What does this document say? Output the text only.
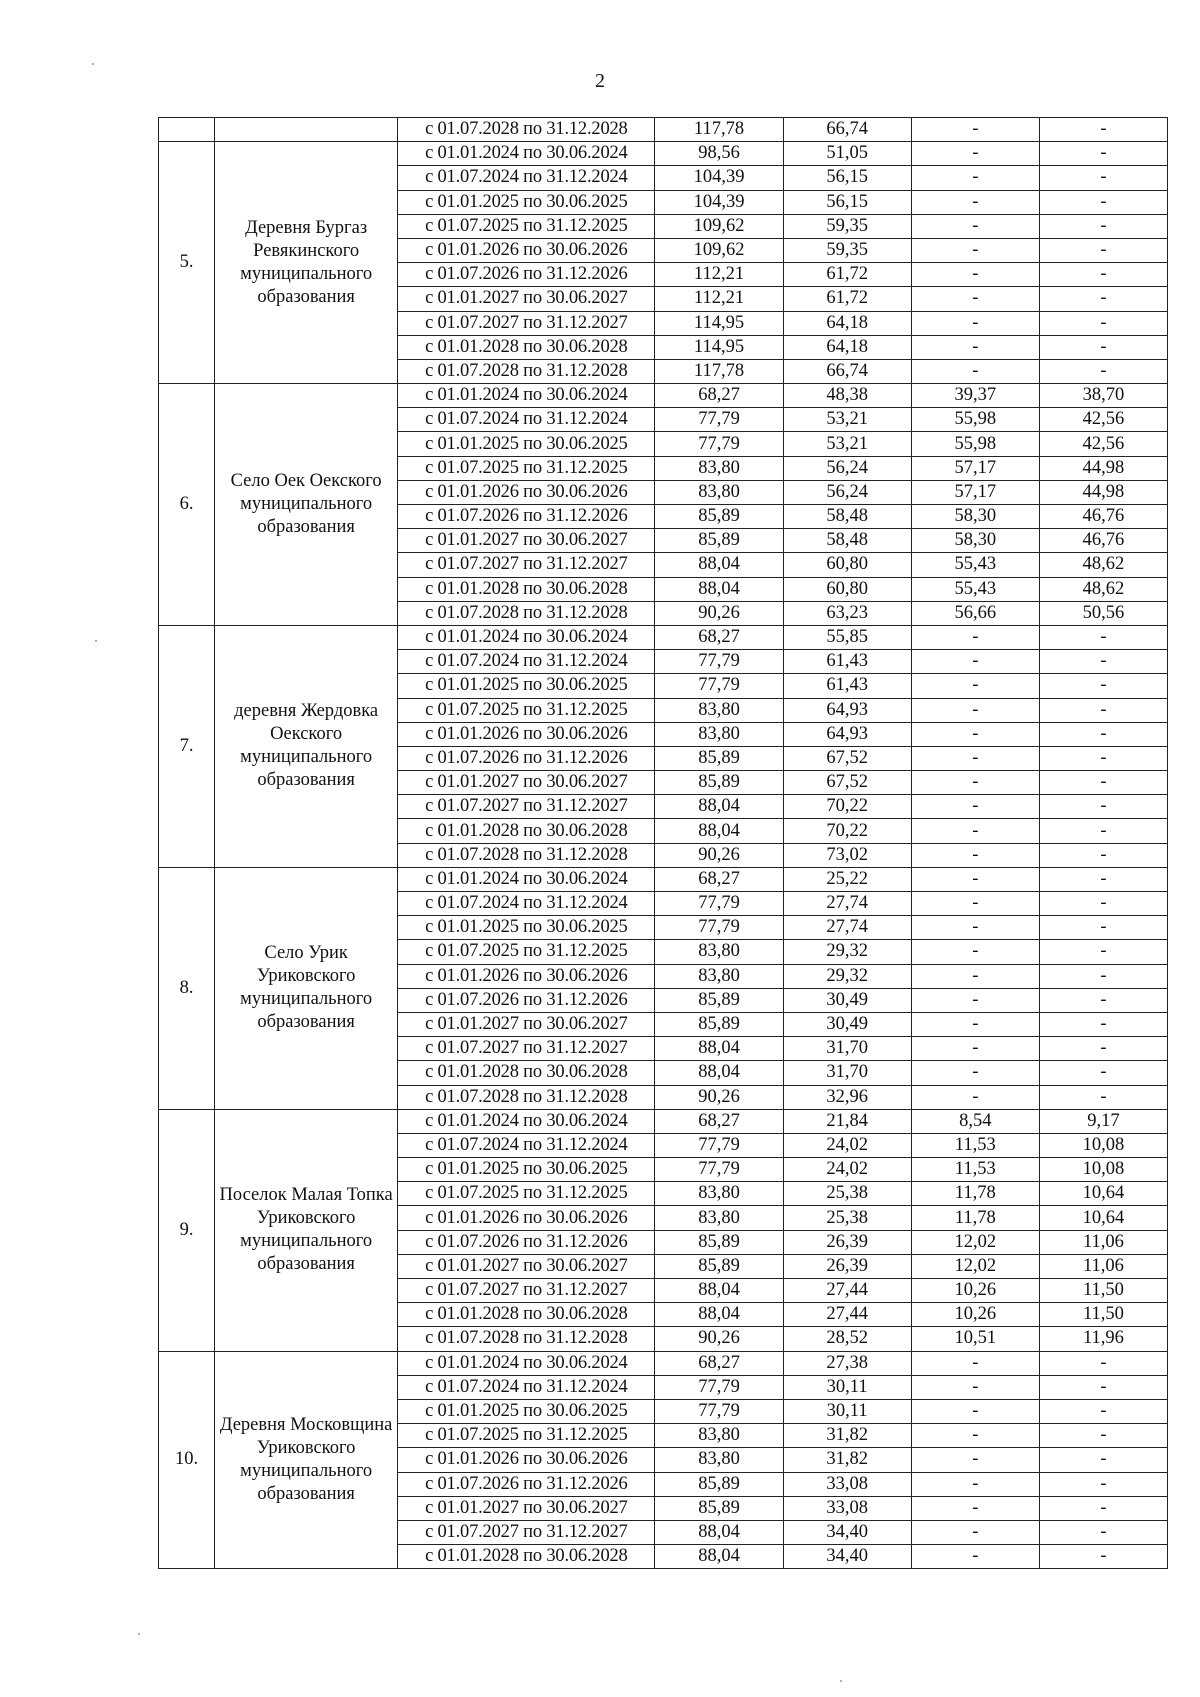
2
		с 01.07.2028 по 31.12.2028	117,78	66,74	-	-
5.	Деревня Бургаз Ревякинского муниципального образования	с 01.01.2024 по 30.06.2024	98,56	51,05	-	-
		с 01.07.2024 по 31.12.2024	104,39	56,15	-	-
		с 01.01.2025 по 30.06.2025	104,39	56,15	-	-
		с 01.07.2025 по 31.12.2025	109,62	59,35	-	-
		с 01.01.2026 по 30.06.2026	109,62	59,35	-	-
		с 01.07.2026 по 31.12.2026	112,21	61,72	-	-
		с 01.01.2027 по 30.06.2027	112,21	61,72	-	-
		с 01.07.2027 по 31.12.2027	114,95	64,18	-	-
		с 01.01.2028 по 30.06.2028	114,95	64,18	-	-
		с 01.07.2028 по 31.12.2028	117,78	66,74	-	-
6.	Село Оек Оекского муниципального образования	с 01.01.2024 по 30.06.2024	68,27	48,38	39,37	38,70
		с 01.07.2024 по 31.12.2024	77,79	53,21	55,98	42,56
		с 01.01.2025 по 30.06.2025	77,79	53,21	55,98	42,56
		с 01.07.2025 по 31.12.2025	83,80	56,24	57,17	44,98
		с 01.01.2026 по 30.06.2026	83,80	56,24	57,17	44,98
		с 01.07.2026 по 31.12.2026	85,89	58,48	58,30	46,76
		с 01.01.2027 по 30.06.2027	85,89	58,48	58,30	46,76
		с 01.07.2027 по 31.12.2027	88,04	60,80	55,43	48,62
		с 01.01.2028 по 30.06.2028	88,04	60,80	55,43	48,62
		с 01.07.2028 по 31.12.2028	90,26	63,23	56,66	50,56
7.	деревня Жердовка Оекского муниципального образования	с 01.01.2024 по 30.06.2024	68,27	55,85	-	-
		с 01.07.2024 по 31.12.2024	77,79	61,43	-	-
		с 01.01.2025 по 30.06.2025	77,79	61,43	-	-
		с 01.07.2025 по 31.12.2025	83,80	64,93	-	-
		с 01.01.2026 по 30.06.2026	83,80	64,93	-	-
		с 01.07.2026 по 31.12.2026	85,89	67,52	-	-
		с 01.01.2027 по 30.06.2027	85,89	67,52	-	-
		с 01.07.2027 по 31.12.2027	88,04	70,22	-	-
		с 01.01.2028 по 30.06.2028	88,04	70,22	-	-
		с 01.07.2028 по 31.12.2028	90,26	73,02	-	-
8.	Село Урик Уриковского муниципального образования	с 01.01.2024 по 30.06.2024	68,27	25,22	-	-
		с 01.07.2024 по 31.12.2024	77,79	27,74	-	-
		с 01.01.2025 по 30.06.2025	77,79	27,74	-	-
		с 01.07.2025 по 31.12.2025	83,80	29,32	-	-
		с 01.01.2026 по 30.06.2026	83,80	29,32	-	-
		с 01.07.2026 по 31.12.2026	85,89	30,49	-	-
		с 01.01.2027 по 30.06.2027	85,89	30,49	-	-
		с 01.07.2027 по 31.12.2027	88,04	31,70	-	-
		с 01.01.2028 по 30.06.2028	88,04	31,70	-	-
		с 01.07.2028 по 31.12.2028	90,26	32,96	-	-
9.	Поселок Малая Топка Уриковского муниципального образования	с 01.01.2024 по 30.06.2024	68,27	21,84	8,54	9,17
		с 01.07.2024 по 31.12.2024	77,79	24,02	11,53	10,08
		с 01.01.2025 по 30.06.2025	77,79	24,02	11,53	10,08
		с 01.07.2025 по 31.12.2025	83,80	25,38	11,78	10,64
		с 01.01.2026 по 30.06.2026	83,80	25,38	11,78	10,64
		с 01.07.2026 по 31.12.2026	85,89	26,39	12,02	11,06
		с 01.01.2027 по 30.06.2027	85,89	26,39	12,02	11,06
		с 01.07.2027 по 31.12.2027	88,04	27,44	10,26	11,50
		с 01.01.2028 по 30.06.2028	88,04	27,44	10,26	11,50
		с 01.07.2028 по 31.12.2028	90,26	28,52	10,51	11,96
10.	Деревня Московщина Уриковского муниципального образования	с 01.01.2024 по 30.06.2024	68,27	27,38	-	-
		с 01.07.2024 по 31.12.2024	77,79	30,11	-	-
		с 01.01.2025 по 30.06.2025	77,79	30,11	-	-
		с 01.07.2025 по 31.12.2025	83,80	31,82	-	-
		с 01.01.2026 по 30.06.2026	83,80	31,82	-	-
		с 01.07.2026 по 31.12.2026	85,89	33,08	-	-
		с 01.01.2027 по 30.06.2027	85,89	33,08	-	-
		с 01.07.2027 по 31.12.2027	88,04	34,40	-	-
		с 01.01.2028 по 30.06.2028	88,04	34,40	-	-
